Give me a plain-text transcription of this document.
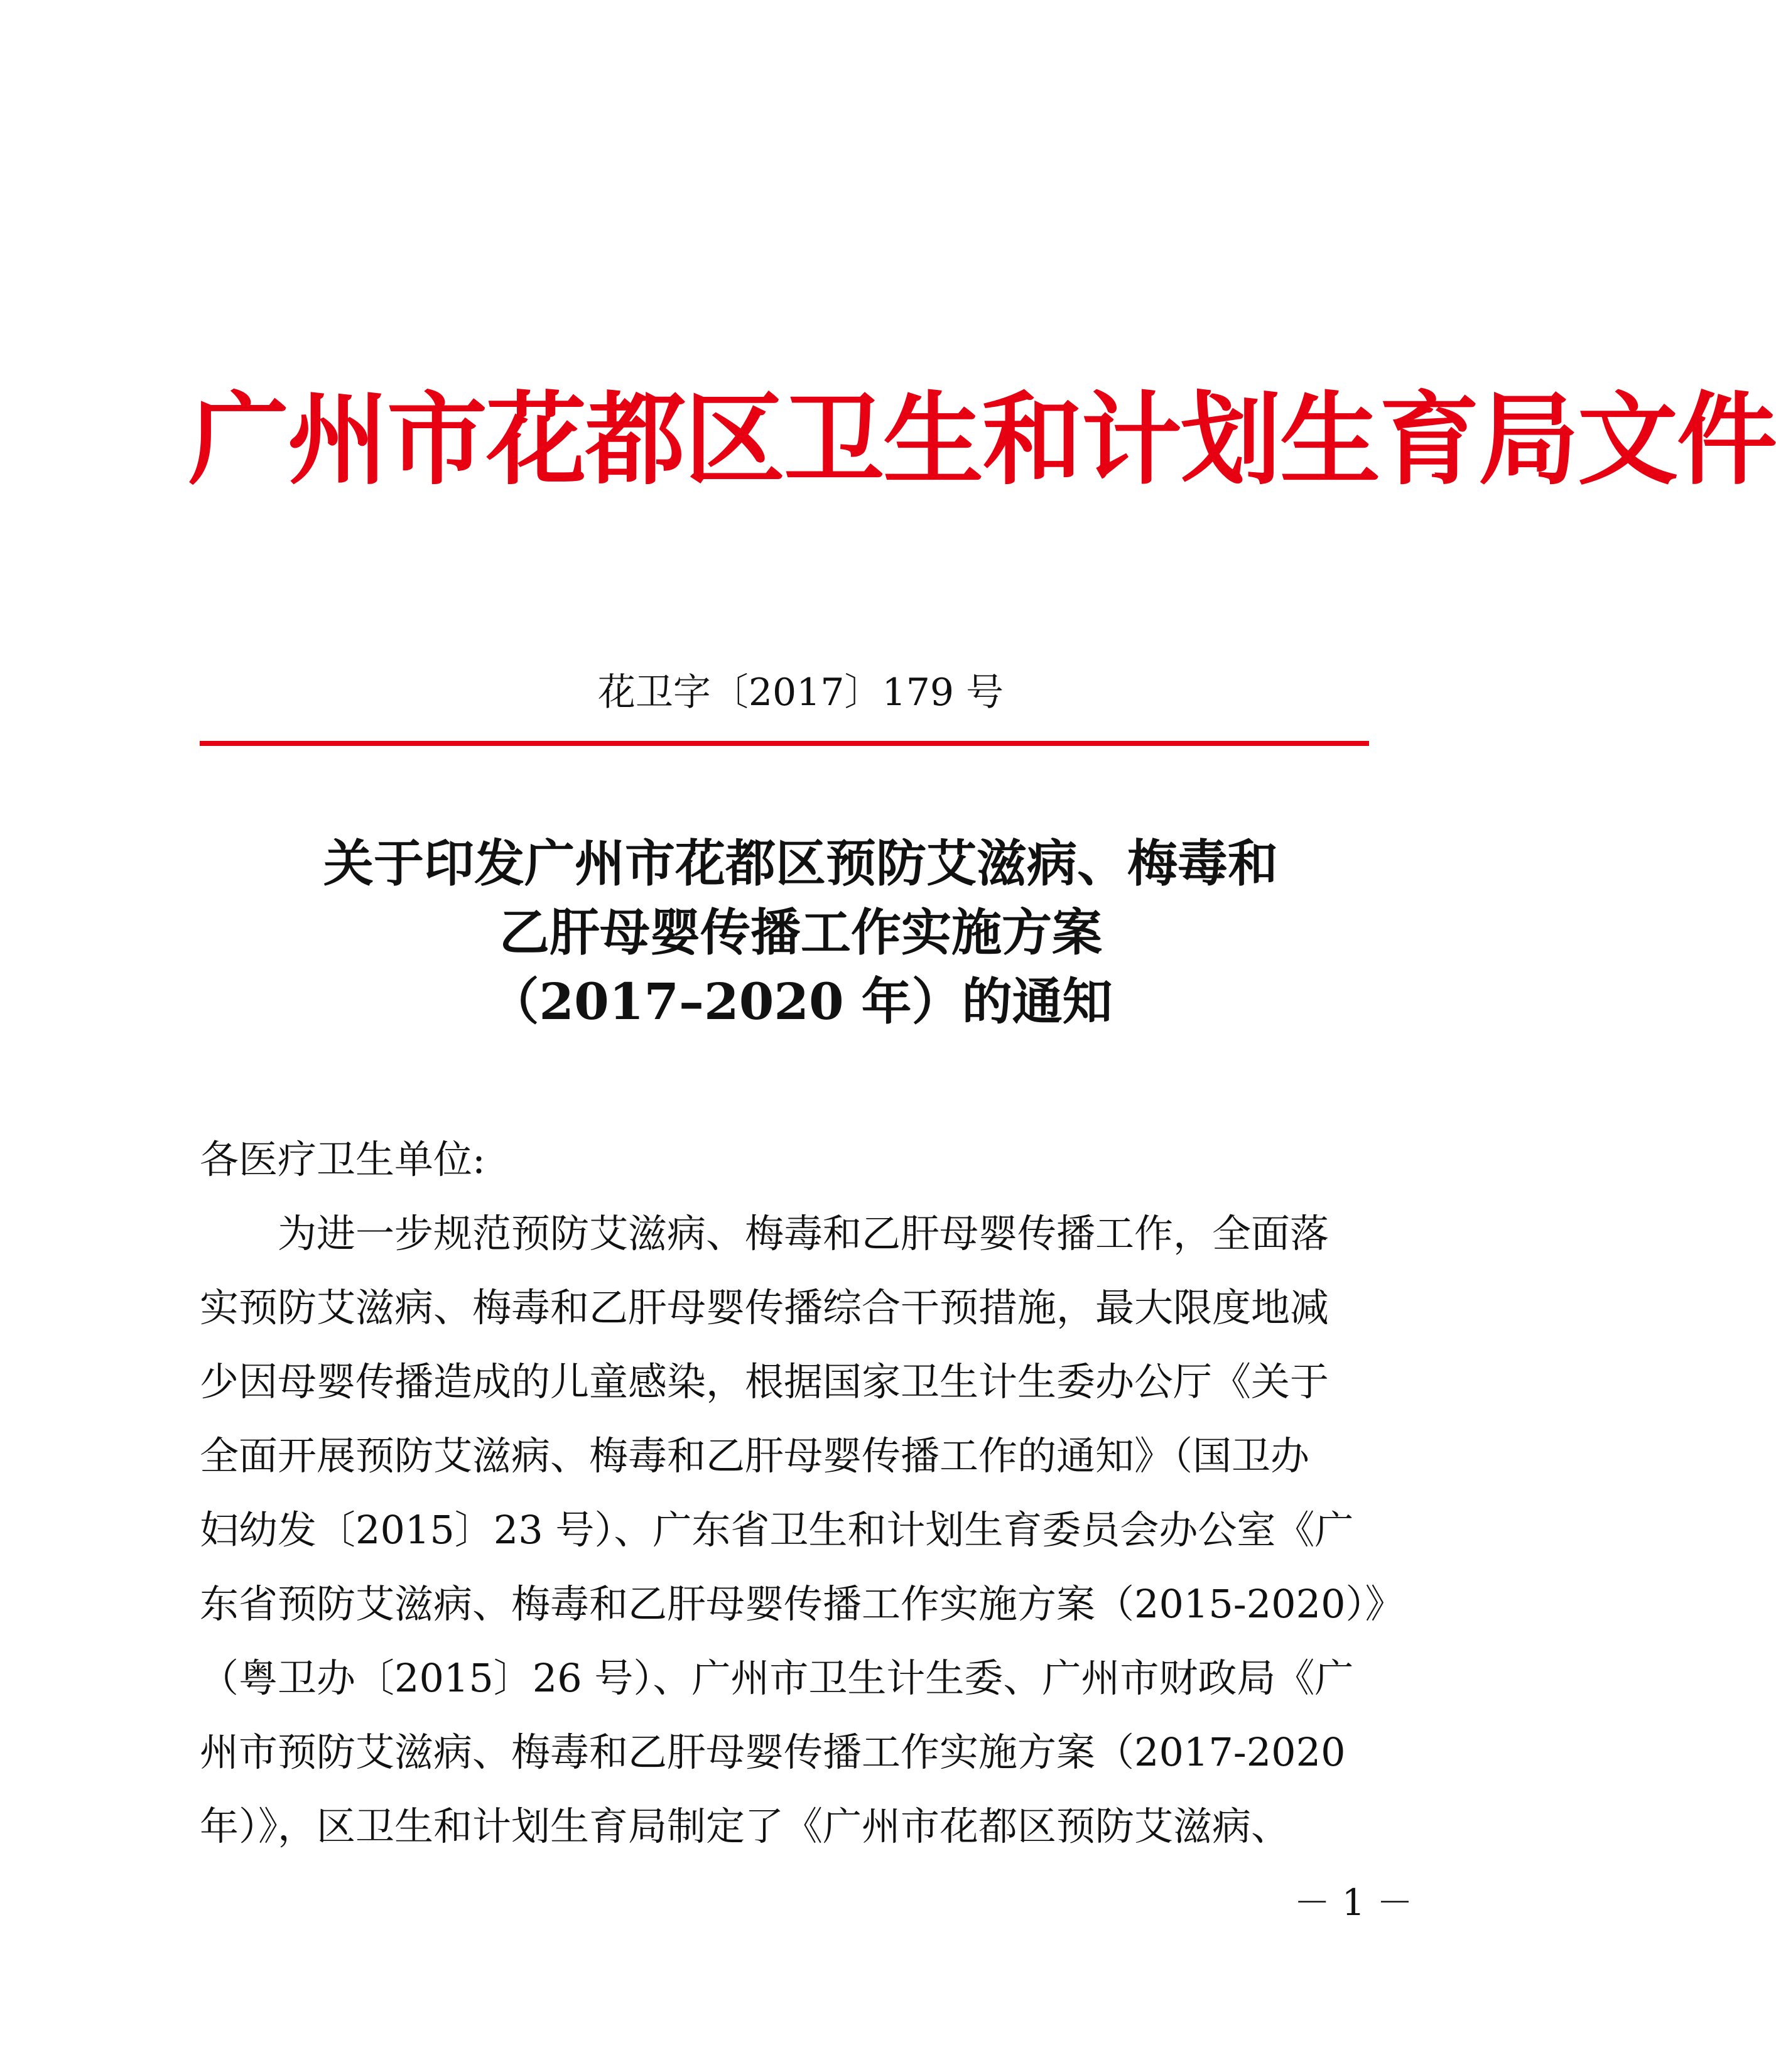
广州市花都区卫生和计划生育局文件
花卫字〔2017〕179 号
关于印发广州市花都区预防艾滋病、梅毒和
乙肝母婴传播工作实施方案
（2017–2020 年）的通知

各医疗卫生单位:

为进一步规范预防艾滋病、梅毒和乙肝母婴传播工作，全面落

实预防艾滋病、梅毒和乙肝母婴传播综合干预措施，最大限度地减

少因母婴传播造成的儿童感染，根据国家卫生计生委办公厅《关于

全面开展预防艾滋病、梅毒和乙肝母婴传播工作的通知》（国卫办

妇幼发〔2015〕23 号）、广东省卫生和计划生育委员会办公室《广

东省预防艾滋病、梅毒和乙肝母婴传播工作实施方案（2015-2020）》

（粤卫办〔2015〕26 号）、广州市卫生计生委、广州市财政局《广

州市预防艾滋病、梅毒和乙肝母婴传播工作实施方案（2017-2020

年）》，区卫生和计划生育局制定了《广州市花都区预防艾滋病、

－ 1 －
